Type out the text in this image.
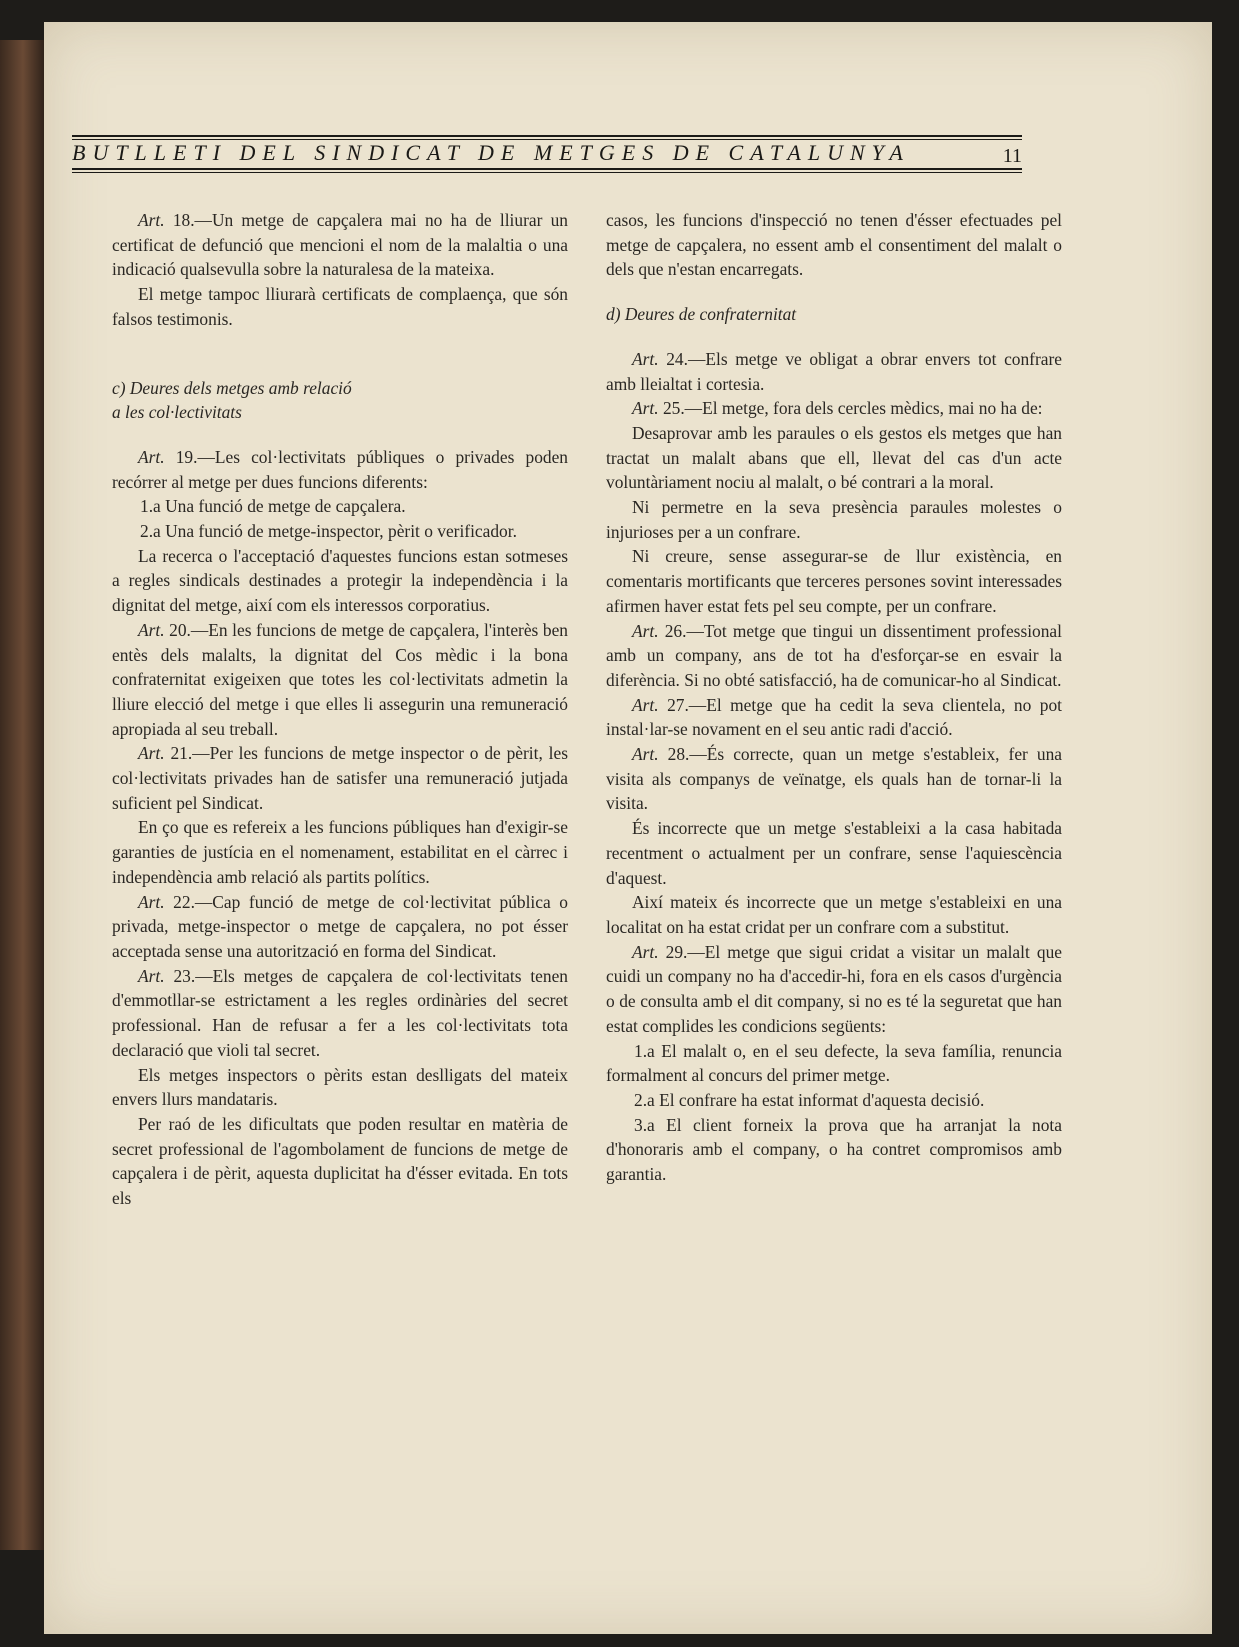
BUTLLETI DEL SINDICAT DE METGES DE CATALUNYA	11

Art. 18.—Un metge de capçalera mai no ha de lliurar un certificat de defunció que mencioni el nom de la malaltia o una indicació qualsevulla sobre la naturalesa de la mateixa.

El metge tampoc lliurarà certificats de complaença, que són falsos testimonis.

c) Deures dels metges amb relació
a les col·lectivitats

Art. 19.—Les col·lectivitats públiques o privades poden recórrer al metge per dues funcions diferents:

1.a Una funció de metge de capçalera.

2.a Una funció de metge-inspector, pèrit o verificador.

La recerca o l'acceptació d'aquestes funcions estan sotmeses a regles sindicals destinades a protegir la independència i la dignitat del metge, així com els interessos corporatius.

Art. 20.—En les funcions de metge de capçalera, l'interès ben entès dels malalts, la dignitat del Cos mèdic i la bona confraternitat exigeixen que totes les col·lectivitats admetin la lliure elecció del metge i que elles li assegurin una remuneració apropiada al seu treball.

Art. 21.—Per les funcions de metge inspector o de pèrit, les col·lectivitats privades han de satisfer una remuneració jutjada suficient pel Sindicat.

En ço que es refereix a les funcions públiques han d'exigir-se garanties de justícia en el nomenament, estabilitat en el càrrec i independència amb relació als partits polítics.

Art. 22.—Cap funció de metge de col·lectivitat pública o privada, metge-inspector o metge de capçalera, no pot ésser acceptada sense una autorització en forma del Sindicat.

Art. 23.—Els metges de capçalera de col·lectivitats tenen d'emmotllar-se estrictament a les regles ordinàries del secret professional. Han de refusar a fer a les col·lectivitats tota declaració que violi tal secret.

Els metges inspectors o pèrits estan deslligats del mateix envers llurs mandataris.

Per raó de les dificultats que poden resultar en matèria de secret professional de l'agombolament de funcions de metge de capçalera i de pèrit, aquesta duplicitat ha d'ésser evitada. En tots els

casos, les funcions d'inspecció no tenen d'ésser efectuades pel metge de capçalera, no essent amb el consentiment del malalt o dels que n'estan encarregats.

d) Deures de confraternitat

Art. 24.—Els metge ve obligat a obrar envers tot confrare amb lleialtat i cortesia.

Art. 25.—El metge, fora dels cercles mèdics, mai no ha de:

Desaprovar amb les paraules o els gestos els metges que han tractat un malalt abans que ell, llevat del cas d'un acte voluntàriament nociu al malalt, o bé contrari a la moral.

Ni permetre en la seva presència paraules molestes o injurioses per a un confrare.

Ni creure, sense assegurar-se de llur existència, en comentaris mortificants que terceres persones sovint interessades afirmen haver estat fets pel seu compte, per un confrare.

Art. 26.—Tot metge que tingui un dissentiment professional amb un company, ans de tot ha d'esforçar-se en esvair la diferència. Si no obté satisfacció, ha de comunicar-ho al Sindicat.

Art. 27.—El metge que ha cedit la seva clientela, no pot instal·lar-se novament en el seu antic radi d'acció.

Art. 28.—És correcte, quan un metge s'estableix, fer una visita als companys de veïnatge, els quals han de tornar-li la visita.

És incorrecte que un metge s'estableixi a la casa habitada recentment o actualment per un confrare, sense l'aquiescència d'aquest.

Així mateix és incorrecte que un metge s'estableixi en una localitat on ha estat cridat per un confrare com a substitut.

Art. 29.—El metge que sigui cridat a visitar un malalt que cuidi un company no ha d'accedir-hi, fora en els casos d'urgència o de consulta amb el dit company, si no es té la seguretat que han estat complides les condicions següents:

1.a El malalt o, en el seu defecte, la seva família, renuncia formalment al concurs del primer metge.

2.a El confrare ha estat informat d'aquesta decisió.

3.a El client forneix la prova que ha arranjat la nota d'honoraris amb el company, o ha contret compromisos amb garantia.
